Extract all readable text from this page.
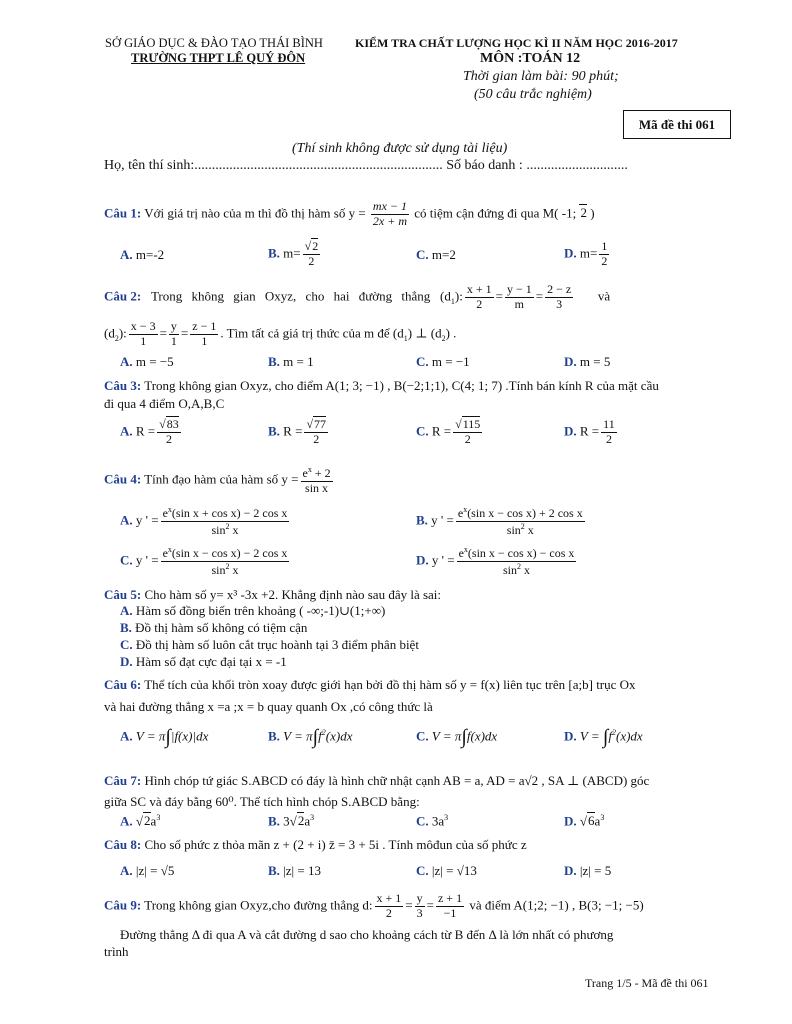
SỞ GIÁO DỤC & ĐÀO TẠO THÁI BÌNH
TRƯỜNG THPT LÊ QUÝ ĐÔN
KIỂM TRA CHẤT LƯỢNG HỌC KÌ II NĂM HỌC 2016-2017
MÔN :TOÁN 12
Thời gian làm bài: 90 phút;
(50 câu trắc nghiệm)
Mã đề thi 061
(Thí sinh không được sử dụng tài liệu)
Họ, tên thí sinh:....................................................................... Số báo danh : .............................
Câu 1: Với giá trị nào của m thì đồ thị hàm số $y = \frac{mx - 1}{2x + m}$ có tiệm cận đứng đi qua M( -1; 2 )
A. m=-2	B. $m= \frac{√2}{2}$	C. m=2	D. $m= \frac{1}{2}$
Câu 2: Trong không gian Oxyz, cho hai đường thẳng   $(d_1)$: $\frac{x + 1}{2} = \frac{y - 1}{m} = \frac{2 - z}{3}$ và
$(d_2)$: $\frac{x - 3}{1} = \frac{y}{1} = \frac{z - 1}{1}$ . Tìm tất cả giá trị thức của m để $(d_1)$ ⊥ $(d_2)$ .
A. m = −5	B. m = 1	C. m = −1	D. m = 5
Câu 3: Trong không gian Oxyz, cho điểm A(1; 3; −1) , B(−2;1;1), C(4; 1; 7) .Tính bán kính R của mặt cầu
đi qua 4 điểm O,A,B,C
A. $R = \frac{√83}{2}$	B. $R = \frac{√77}{2}$	C. $R = \frac{√115}{2}$	D. $R = \frac{11}{2}$
Câu 4: Tính đạo hàm của hàm số $y = \frac{e^x + 2}{\text{sin x}}$
A. y ' = $\frac{e^x(\sin x + \cos x) - 2 \cos x}{\sin^2 x}$	B. y ' = $\frac{e^x(\sin x - \cos x) + 2 \cos x}{\sin^2 x}$
C. y ' = $\frac{e^x(\sin x - \cos x) - 2 \cos x}{\sin^2 x}$	D. y ' = $\frac{e^x(\sin x - \cos x) - \cos x}{\sin^2 x}$
Câu 5: Cho hàm số y= x³ -3x +2. Khẳng định nào sau đây là sai:
A. Hàm số đồng biến trên khoảng ( -∞;-1)∪(1;+∞)
B. Đồ thị hàm số không có tiệm cận
C. Đồ thị hàm số luôn cắt trục hoành tại 3 điểm phân biệt
D. Hàm số đạt cực đại tại x = -1
Câu 6: Thể tích của khối tròn xoay được giới hạn bởi đồ thị hàm số y = f(x) liên tục trên [a;b] trục Ox
và hai đường thẳng x =a ;x = b quay quanh Ox ,có công thức là
A. V = π∫|f(x)|dx	B. $V = \pi\int f^2(x)dx$	C. V = π∫f(x)dx	D. $V = \int f^2(x)dx$
Câu 7: Hình chóp tứ giác S.ABCD có đáy là hình chữ nhật cạnh AB = a, AD = a√2 , SA ⊥ (ABCD) góc
giữa SC và đáy bằng 60⁰. Thể tích hình chóp S.ABCD bằng:
A. $√2a^3$	B. $3√2a^3$	C. $3a^3$	D. $√6a^3$
Câu 8: Cho số phức z thỏa mãn z + (2 + i) z̄ = 3 + 5i . Tính môđun của số phức z
A. |z| = √5	B. |z| = 13	C. |z| = √13	D. |z| = 5
Câu 9: Trong không gian Oxyz,cho đường thẳng d: $\frac{x + 1}{2} = \frac{y}{3} = \frac{z + 1}{-1}$ và điểm A(1;2; −1) , B(3; −1; −5)
Đường thẳng Δ đi qua A và cắt đường d sao cho khoảng cách từ B đến Δ là lớn nhất có phương
trình
Trang 1/5 - Mã đề thi 061
